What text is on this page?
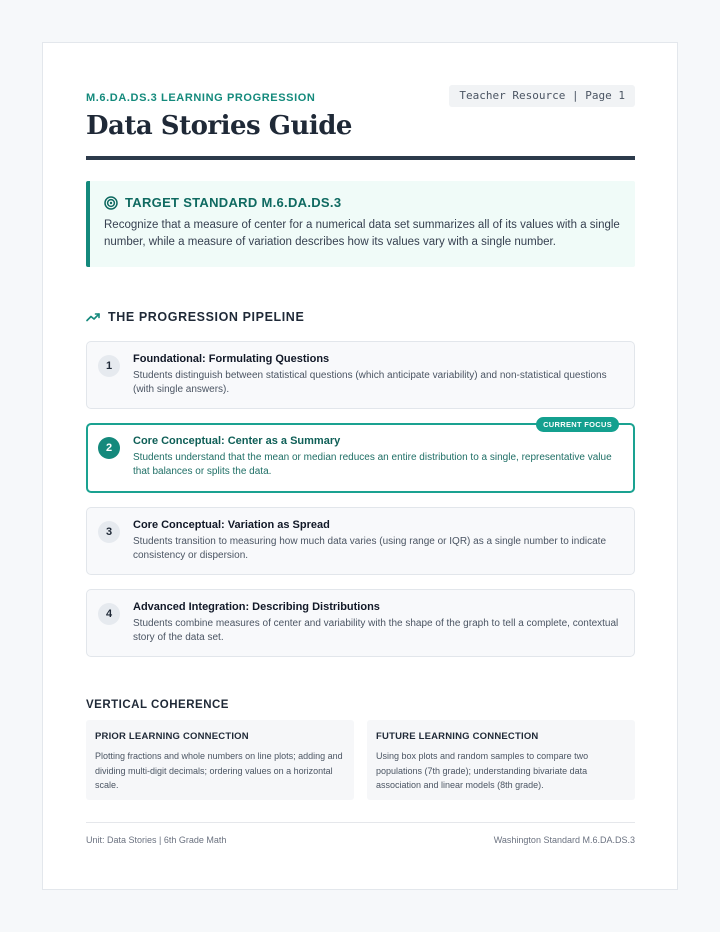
M.6.DA.DS.3 LEARNING PROGRESSION	Teacher Resource | Page 1
Data Stories Guide
TARGET STANDARD M.6.DA.DS.3

Recognize that a measure of center for a numerical data set summarizes all of its values with a single number, while a measure of variation describes how its values vary with a single number.

THE PROGRESSION PIPELINE
1
Foundational: Formulating Questions
Students distinguish between statistical questions (which anticipate variability) and non-statistical questions (with single answers).
CURRENT FOCUS
2
Core Conceptual: Center as a Summary
Students understand that the mean or median reduces an entire distribution to a single, representative value that balances or splits the data.
3
Core Conceptual: Variation as Spread
Students transition to measuring how much data varies (using range or IQR) as a single number to indicate consistency or dispersion.
4
Advanced Integration: Describing Distributions
Students combine measures of center and variability with the shape of the graph to tell a complete, contextual story of the data set.
VERTICAL COHERENCE
PRIOR LEARNING CONNECTION
Plotting fractions and whole numbers on line plots; adding and dividing multi-digit decimals; ordering values on a horizontal scale.
FUTURE LEARNING CONNECTION
Using box plots and random samples to compare two populations (7th grade); understanding bivariate data association and linear models (8th grade).
Unit: Data Stories | 6th Grade Math	Washington Standard M.6.DA.DS.3
